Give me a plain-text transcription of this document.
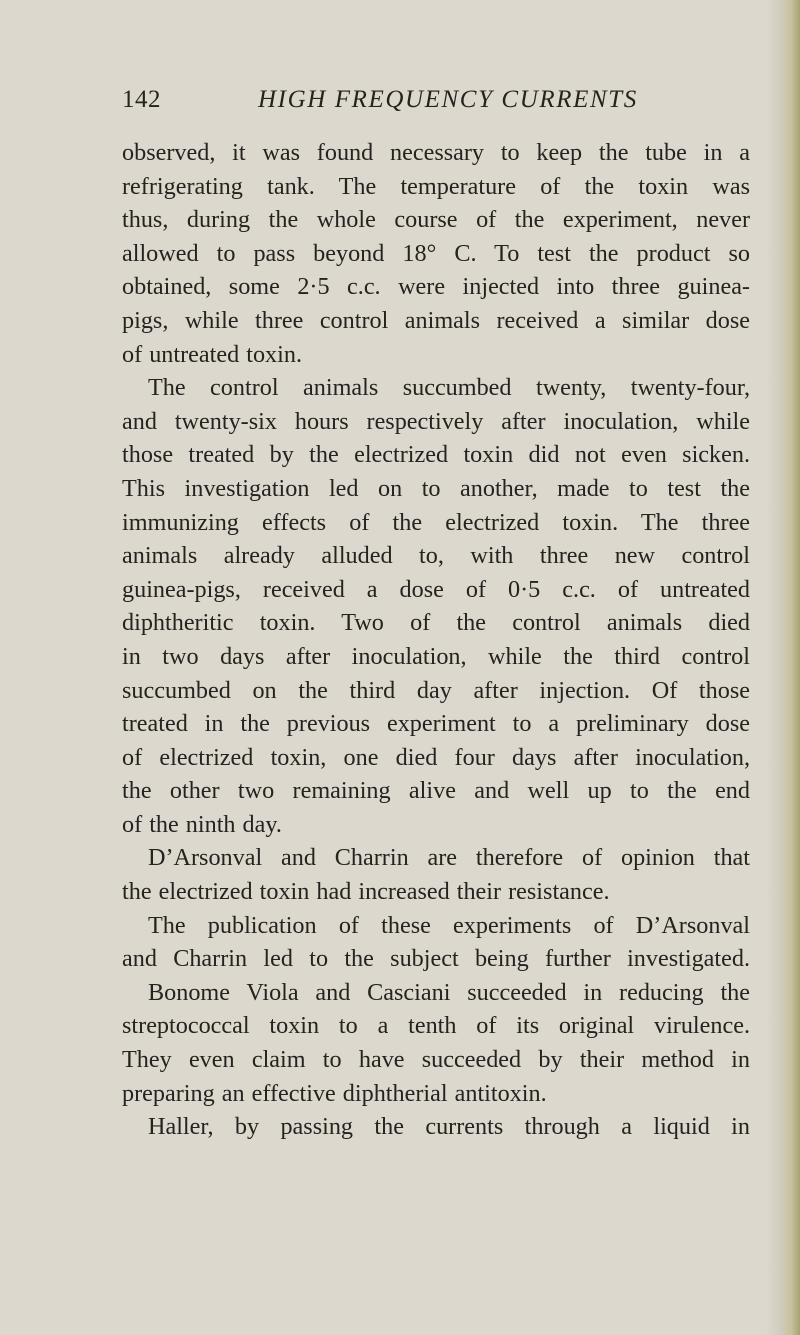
142	HIGH FREQUENCY CURRENTS

observed, it was found necessary to keep the tube in a

refrigerating tank. The temperature of the toxin was

thus, during the whole course of the experiment, never

allowed to pass beyond 18° C. To test the product so

obtained, some 2·5 c.c. were injected into three guinea-

pigs, while three control animals received a similar dose

of untreated toxin.

The control animals succumbed twenty, twenty-four,

and twenty-six hours respectively after inoculation, while

those treated by the electrized toxin did not even sicken.

This investigation led on to another, made to test the

immunizing effects of the electrized toxin. The three

animals already alluded to, with three new control

guinea-pigs, received a dose of 0·5 c.c. of untreated

diphtheritic toxin. Two of the control animals died

in two days after inoculation, while the third control

succumbed on the third day after injection. Of those

treated in the previous experiment to a preliminary dose

of electrized toxin, one died four days after inoculation,

the other two remaining alive and well up to the end

of the ninth day.

D’Arsonval and Charrin are therefore of opinion that

the electrized toxin had increased their resistance.

The publication of these experiments of D’Arsonval

and Charrin led to the subject being further investigated.

Bonome Viola and Casciani succeeded in reducing the

streptococcal toxin to a tenth of its original virulence.

They even claim to have succeeded by their method in

preparing an effective diphtherial antitoxin.

Haller, by passing the currents through a liquid in
